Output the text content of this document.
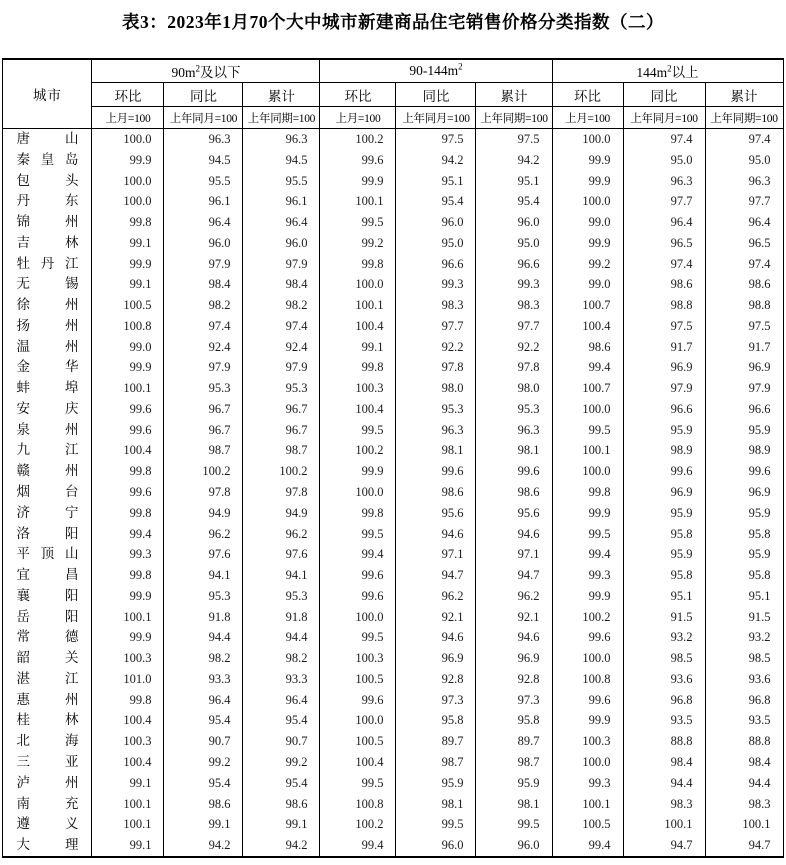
表3：2023年1月70个大中城市新建商品住宅销售价格分类指数（二）
城市	$90m^2$及以下			$90-144m^2$			$144m^2$以上		
	环比	同比	累计	环比	同比	累计	环比	同比	累计
	上月=100	上年同月=100	上年同期=100	上月=100	上年同月=100	上年同期=100	上月=100	上年同月=100	上年同期=100
唐山	100.0	96.3	96.3	100.2	97.5	97.5	100.0	97.4	97.4
秦皇岛	99.9	94.5	94.5	99.6	94.2	94.2	99.9	95.0	95.0
包头	100.0	95.5	95.5	99.9	95.1	95.1	99.9	96.3	96.3
丹东	100.0	96.1	96.1	100.1	95.4	95.4	100.0	97.7	97.7
锦州	99.8	96.4	96.4	99.5	96.0	96.0	99.0	96.4	96.4
吉林	99.1	96.0	96.0	99.2	95.0	95.0	99.9	96.5	96.5
牡丹江	99.9	97.9	97.9	99.8	96.6	96.6	99.2	97.4	97.4
无锡	99.1	98.4	98.4	100.0	99.3	99.3	99.0	98.6	98.6
徐州	100.5	98.2	98.2	100.1	98.3	98.3	100.7	98.8	98.8
扬州	100.8	97.4	97.4	100.4	97.7	97.7	100.4	97.5	97.5
温州	99.0	92.4	92.4	99.1	92.2	92.2	98.6	91.7	91.7
金华	99.9	97.9	97.9	99.8	97.8	97.8	99.4	96.9	96.9
蚌埠	100.1	95.3	95.3	100.3	98.0	98.0	100.7	97.9	97.9
安庆	99.6	96.7	96.7	100.4	95.3	95.3	100.0	96.6	96.6
泉州	99.6	96.7	96.7	99.5	96.3	96.3	99.5	95.9	95.9
九江	100.4	98.7	98.7	100.2	98.1	98.1	100.1	98.9	98.9
赣州	99.8	100.2	100.2	99.9	99.6	99.6	100.0	99.6	99.6
烟台	99.6	97.8	97.8	100.0	98.6	98.6	99.8	96.9	96.9
济宁	99.8	94.9	94.9	99.8	95.6	95.6	99.9	95.9	95.9
洛阳	99.4	96.2	96.2	99.5	94.6	94.6	99.5	95.8	95.8
平顶山	99.3	97.6	97.6	99.4	97.1	97.1	99.4	95.9	95.9
宜昌	99.8	94.1	94.1	99.6	94.7	94.7	99.3	95.8	95.8
襄阳	99.9	95.3	95.3	99.6	96.2	96.2	99.9	95.1	95.1
岳阳	100.1	91.8	91.8	100.0	92.1	92.1	100.2	91.5	91.5
常德	99.9	94.4	94.4	99.5	94.6	94.6	99.6	93.2	93.2
韶关	100.3	98.2	98.2	100.3	96.9	96.9	100.0	98.5	98.5
湛江	101.0	93.3	93.3	100.5	92.8	92.8	100.8	93.6	93.6
惠州	99.8	96.4	96.4	99.6	97.3	97.3	99.6	96.8	96.8
桂林	100.4	95.4	95.4	100.0	95.8	95.8	99.9	93.5	93.5
北海	100.3	90.7	90.7	100.5	89.7	89.7	100.3	88.8	88.8
三亚	100.4	99.2	99.2	100.4	98.7	98.7	100.0	98.4	98.4
泸州	99.1	95.4	95.4	99.5	95.9	95.9	99.3	94.4	94.4
南充	100.1	98.6	98.6	100.8	98.1	98.1	100.1	98.3	98.3
遵义	100.1	99.1	99.1	100.2	99.5	99.5	100.5	100.1	100.1
大理	99.1	94.2	94.2	99.4	96.0	96.0	99.4	94.7	94.7
